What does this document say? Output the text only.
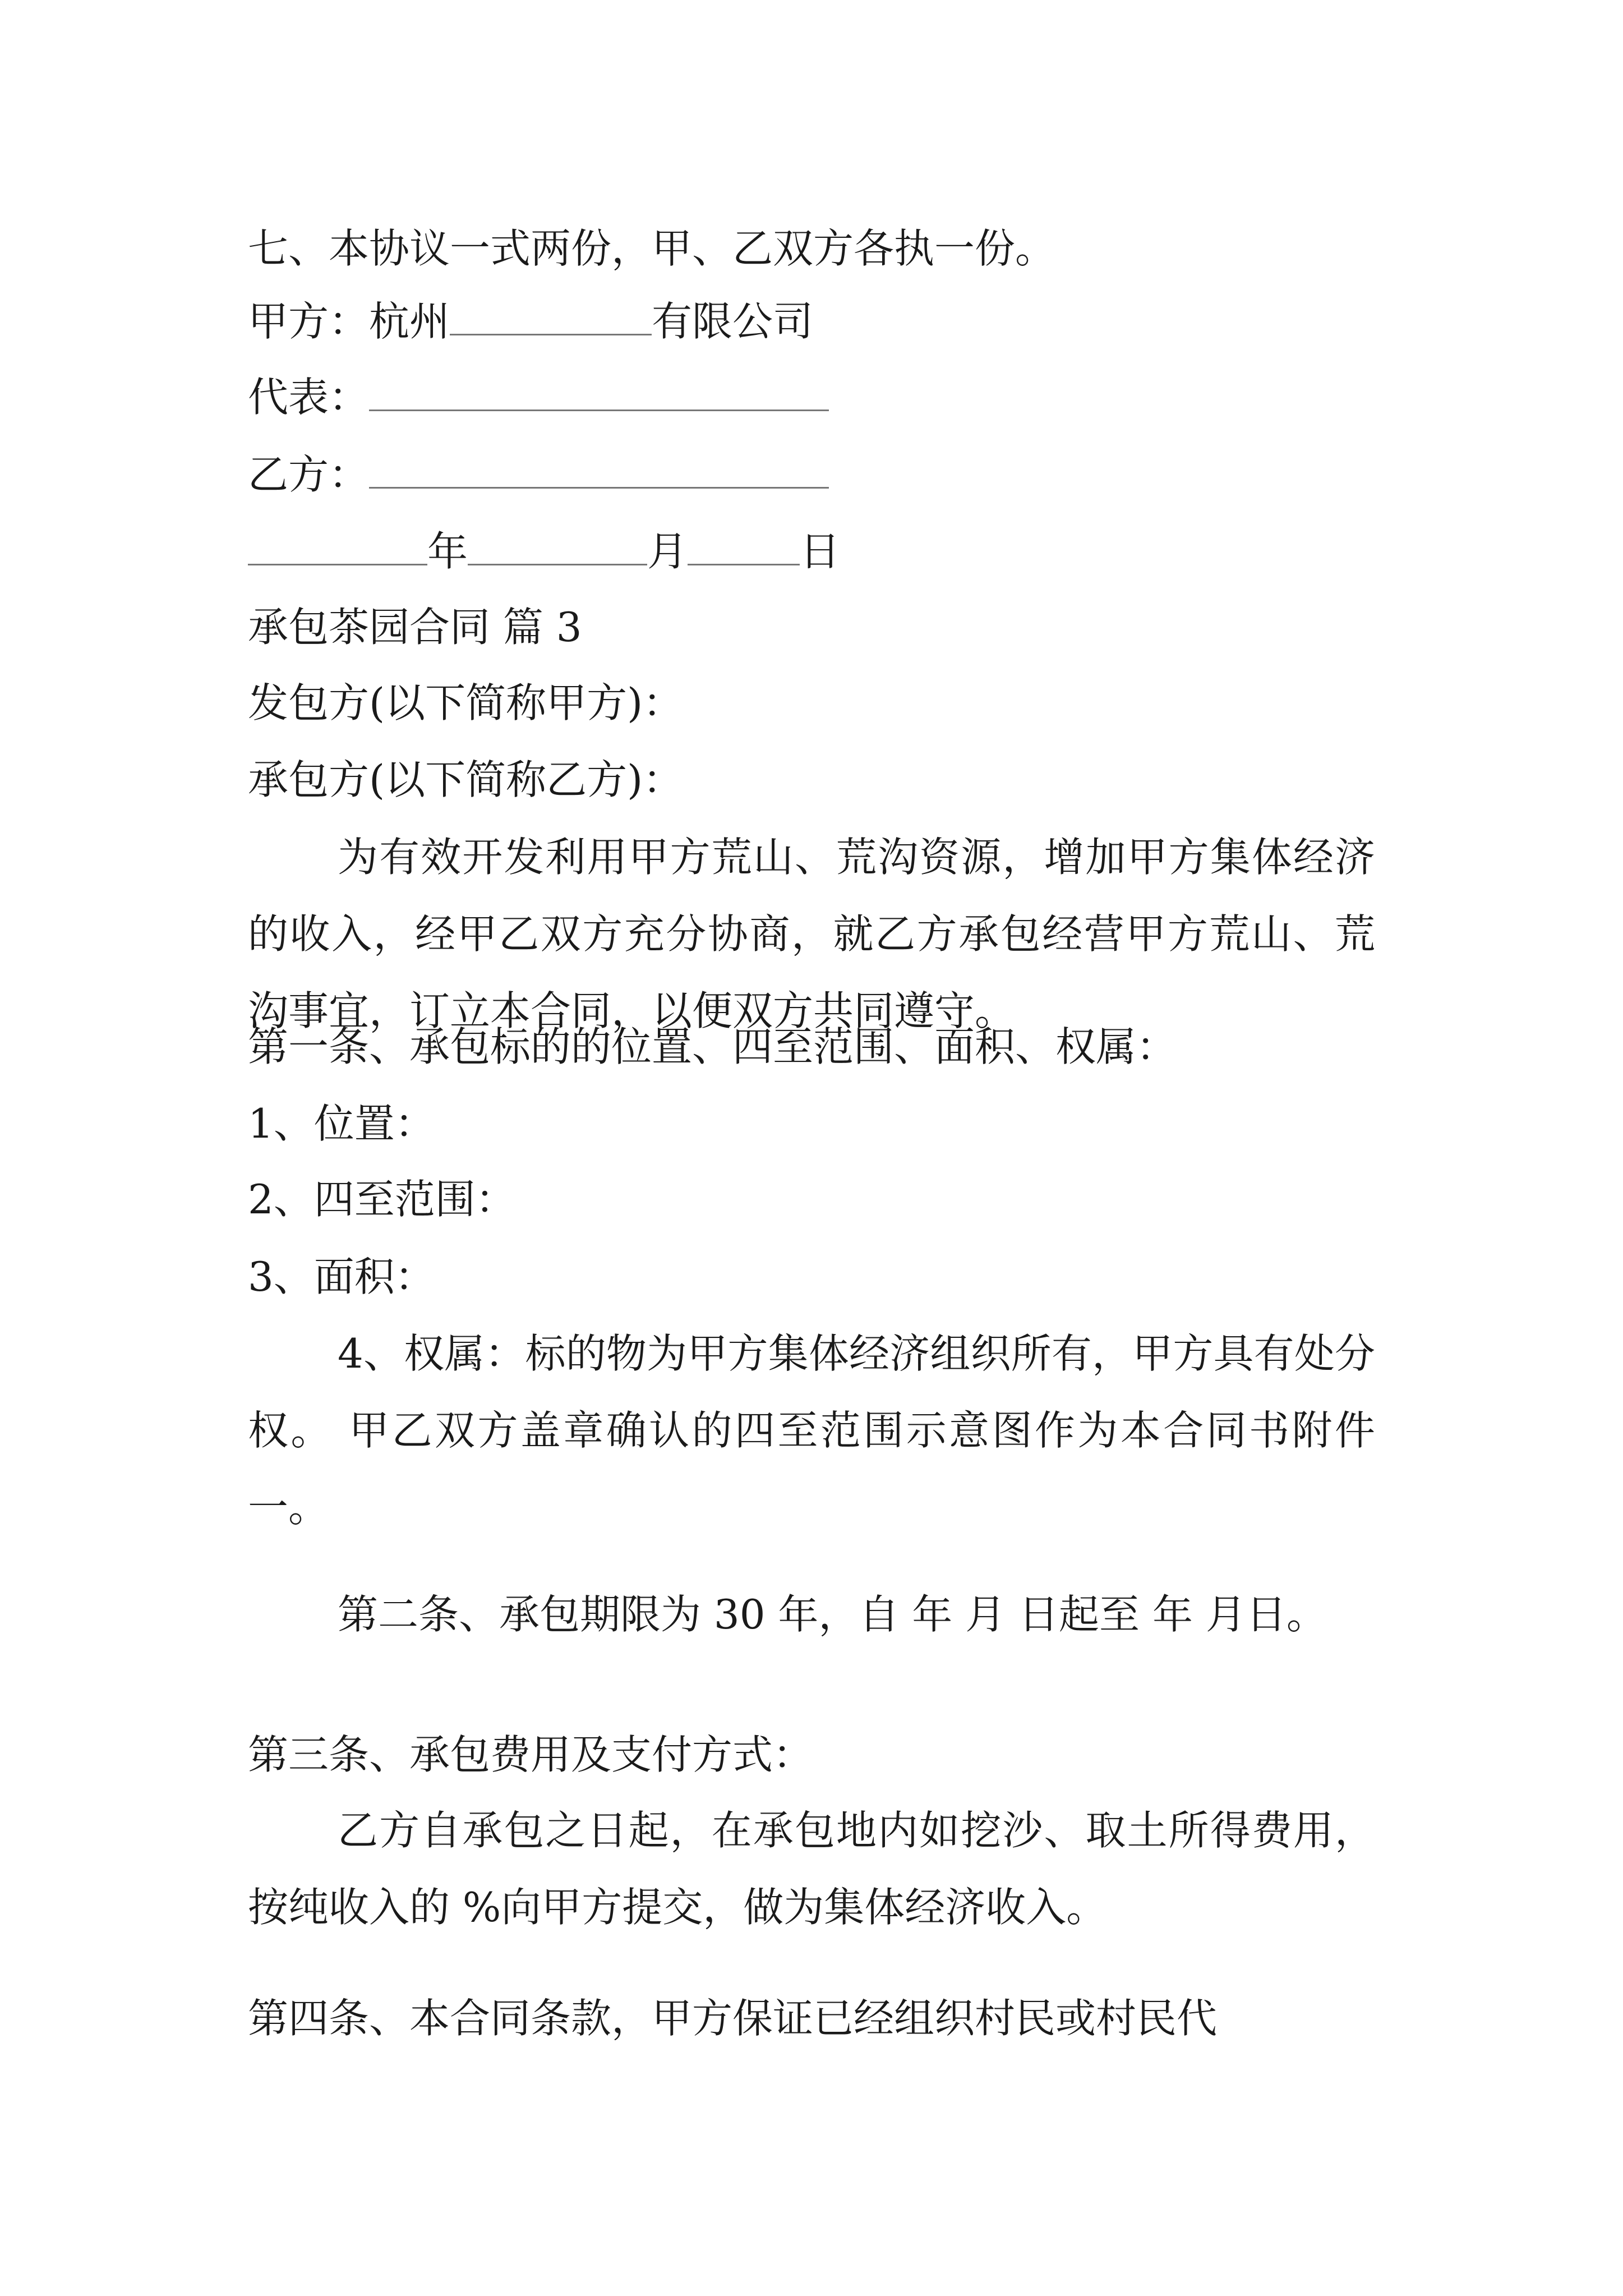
七、本协议一式两份，甲、乙双方各执一份。
甲方：杭州	有限公司
代表：
乙方：
年	月	日
承包茶园合同 篇 3
发包方(以下简称甲方)：
承包方(以下简称乙方)：
为有效开发利用甲方荒山、荒沟资源，增加甲方集体经济的收入，经甲乙双方充分协商，就乙方承包经营甲方荒山、荒沟事宜，订立本合同，以便双方共同遵守。
第一条、承包标的的位置、四至范围、面积、权属：
1、位置：
2、四至范围：
3、面积：
4、权属：标的物为甲方集体经济组织所有，甲方具有处分权。 甲乙双方盖章确认的四至范围示意图作为本合同书附件一。
第二条、承包期限为 30 年，自 年 月 日起至 年 月日。
第三条、承包费用及支付方式：
乙方自承包之日起，在承包地内如挖沙、取土所得费用，按纯收入的 %向甲方提交，做为集体经济收入。
第四条、本合同条款，甲方保证已经组织村民或村民代
